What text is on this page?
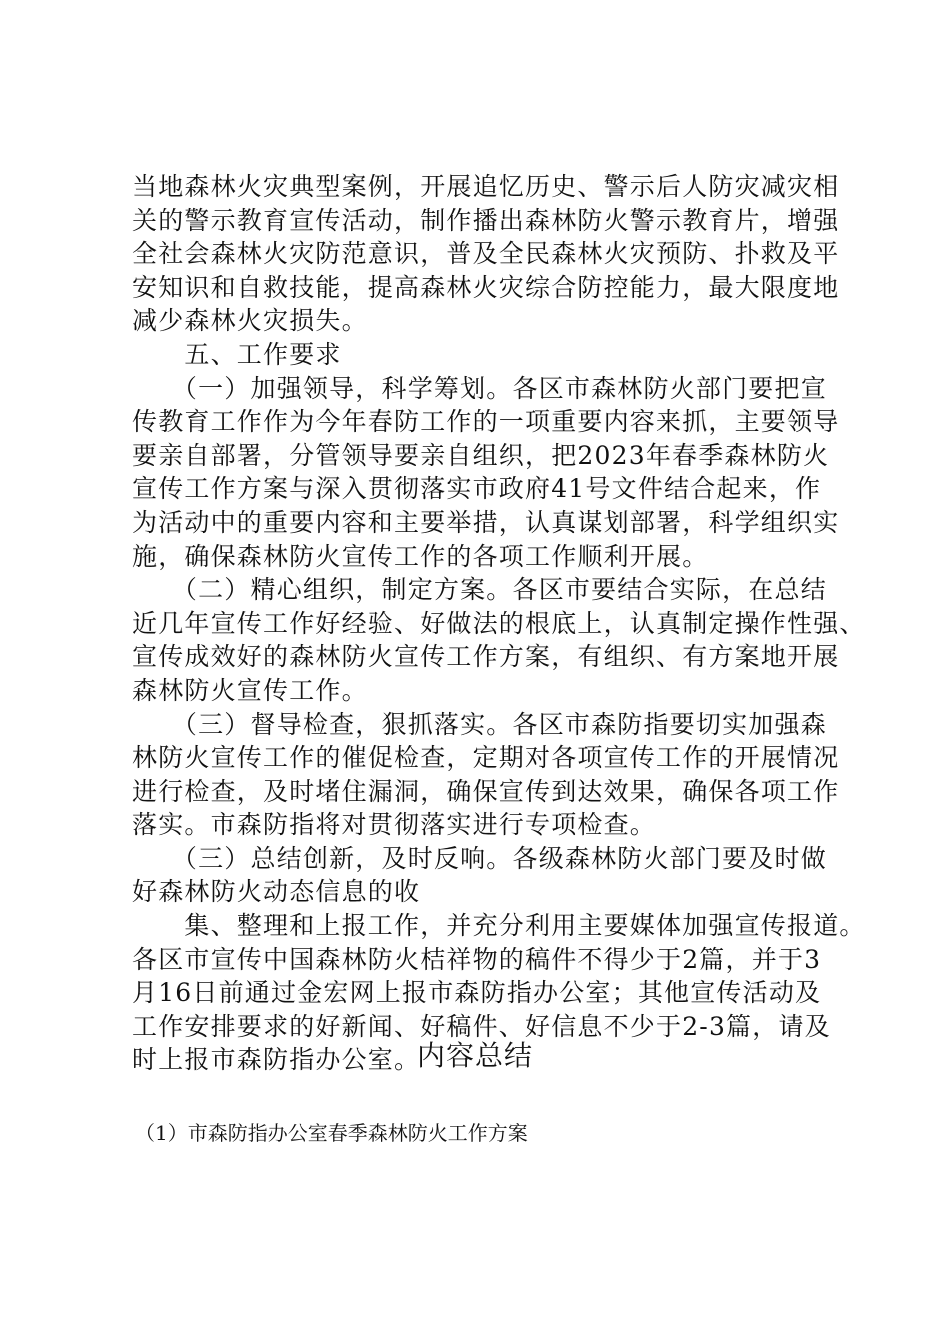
当地森林火灾典型案例，开展追忆历史、警示后人防灾减灾相
关的警示教育宣传活动，制作播出森林防火警示教育片，增强
全社会森林火灾防范意识，普及全民森林火灾预防、扑救及平
安知识和自救技能，提高森林火灾综合防控能力，最大限度地
减少森林火灾损失。
　　五、工作要求
　　（一）加强领导，科学筹划。各区市森林防火部门要把宣
传教育工作作为今年春防工作的一项重要内容来抓，主要领导
要亲自部署，分管领导要亲自组织，把2023年春季森林防火
宣传工作方案与深入贯彻落实市政府41号文件结合起来，作
为活动中的重要内容和主要举措，认真谋划部署，科学组织实
施，确保森林防火宣传工作的各项工作顺利开展。
　　（二）精心组织，制定方案。各区市要结合实际，在总结
近几年宣传工作好经验、好做法的根底上，认真制定操作性强、
宣传成效好的森林防火宣传工作方案，有组织、有方案地开展
森林防火宣传工作。
　　（三）督导检查，狠抓落实。各区市森防指要切实加强森
林防火宣传工作的催促检查，定期对各项宣传工作的开展情况
进行检查，及时堵住漏洞，确保宣传到达效果，确保各项工作
落实。市森防指将对贯彻落实进行专项检查。
　　（三）总结创新，及时反响。各级森林防火部门要及时做
好森林防火动态信息的收
　　集、整理和上报工作，并充分利用主要媒体加强宣传报道。
各区市宣传中国森林防火桔祥物的稿件不得少于2篇，并于3
月16日前通过金宏网上报市森防指办公室；其他宣传活动及
工作安排要求的好新闻、好稿件、好信息不少于2-3篇，请及
时上报市森防指办公室。
内容总结
（1）市森防指办公室春季森林防火工作方案
